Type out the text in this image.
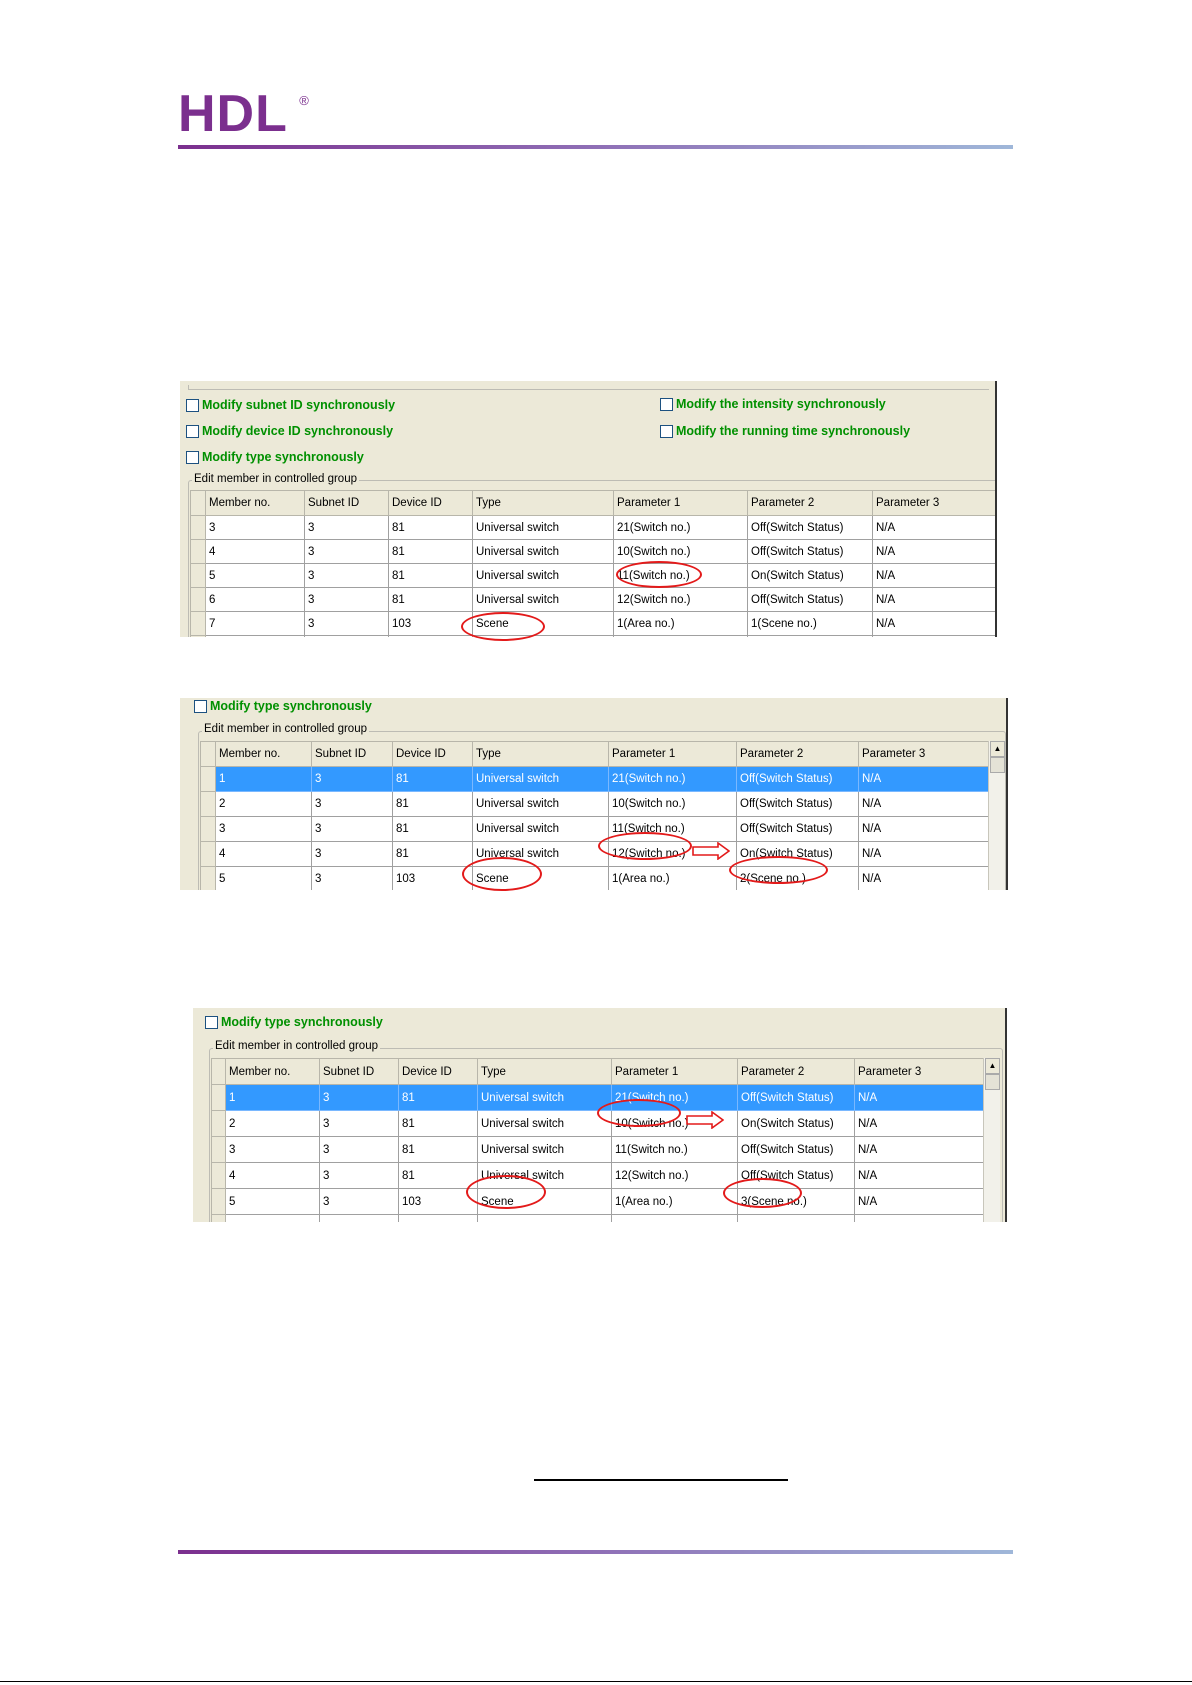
HDL ®
Modify subnet ID synchronously
Modify device ID synchronously
Modify type synchronously
Modify the intensity synchronously
Modify the running time synchronously
Edit member in controlled group
	Member no.	Subnet ID	Device ID	Type	Parameter 1	Parameter 2	Parameter 3
	3	3	81	Universal switch	21(Switch no.)	Off(Switch Status)	N/A
	4	3	81	Universal switch	10(Switch no.)	Off(Switch Status)	N/A
	5	3	81	Universal switch	11(Switch no.)	On(Switch Status)	N/A
	6	3	81	Universal switch	12(Switch no.)	Off(Switch Status)	N/A
	7	3	103	Scene	1(Area no.)	1(Scene no.)	N/A

Modify type synchronously
Edit member in controlled group
	Member no.	Subnet ID	Device ID	Type	Parameter 1	Parameter 2	Parameter 3
	1	3	81	Universal switch	21(Switch no.)	Off(Switch Status)	N/A
	2	3	81	Universal switch	10(Switch no.)	Off(Switch Status)	N/A
	3	3	81	Universal switch	11(Switch no.)	Off(Switch Status)	N/A
	4	3	81	Universal switch	12(Switch no.)	On(Switch Status)	N/A
	5	3	103	Scene	1(Area no.)	2(Scene no.)	N/A
▲
Modify type synchronously
Edit member in controlled group
	Member no.	Subnet ID	Device ID	Type	Parameter 1	Parameter 2	Parameter 3
	1	3	81	Universal switch	21(Switch no.)	Off(Switch Status)	N/A
	2	3	81	Universal switch	10(Switch no.)	On(Switch Status)	N/A
	3	3	81	Universal switch	11(Switch no.)	Off(Switch Status)	N/A
	4	3	81	Universal switch	12(Switch no.)	Off(Switch Status)	N/A
	5	3	103	Scene	1(Area no.)	3(Scene no.)	N/A

▲
